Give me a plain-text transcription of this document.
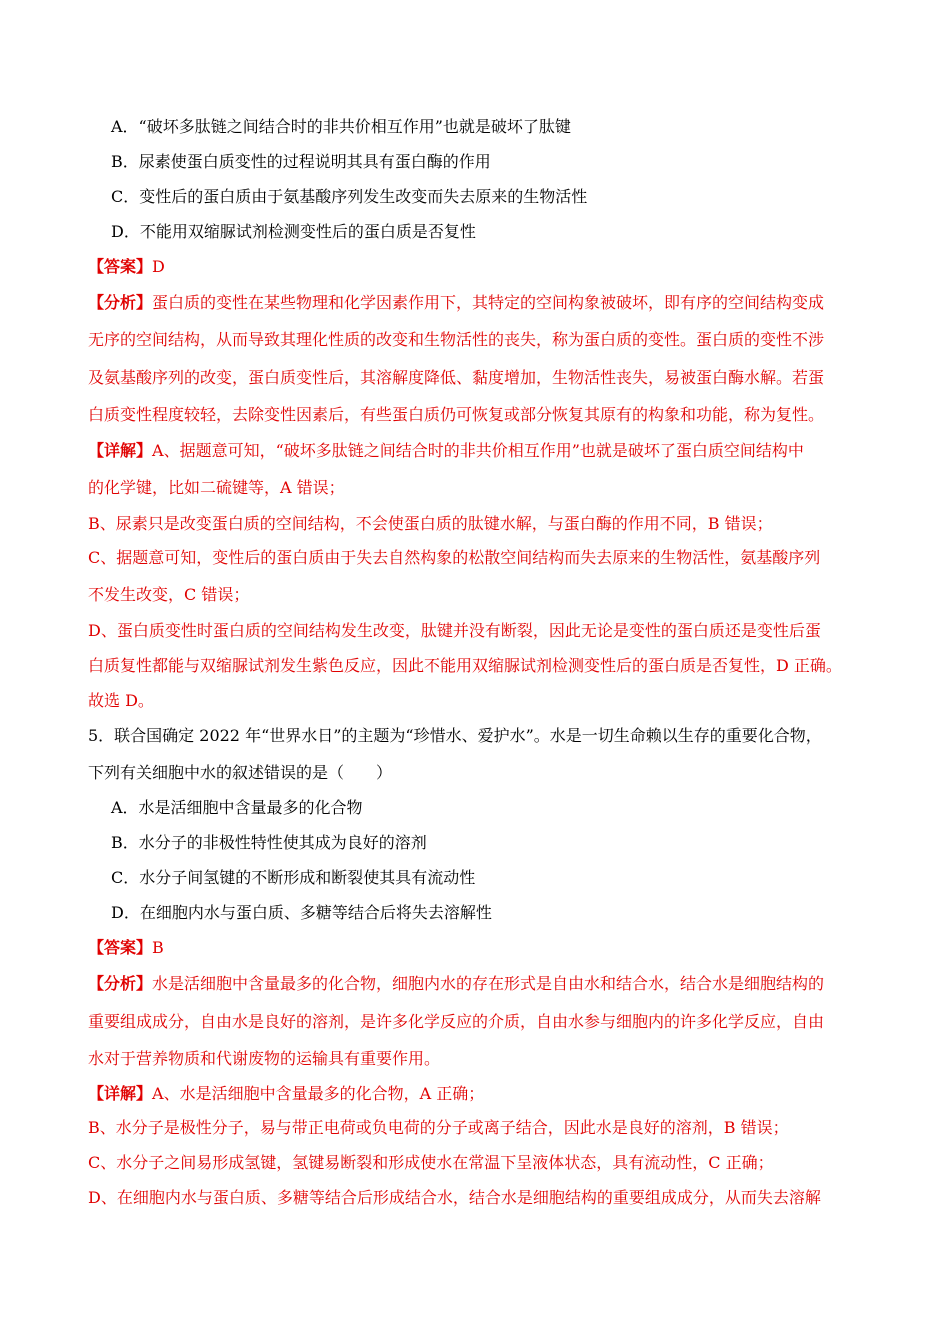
A．“破坏多肽链之间结合时的非共价相互作用”也就是破坏了肽键
B．尿素使蛋白质变性的过程说明其具有蛋白酶的作用
C．变性后的蛋白质由于氨基酸序列发生改变而失去原来的生物活性
D．不能用双缩脲试剂检测变性后的蛋白质是否复性
【答案】D
【分析】蛋白质的变性在某些物理和化学因素作用下，其特定的空间构象被破坏，即有序的空间结构变成
无序的空间结构，从而导致其理化性质的改变和生物活性的丧失，称为蛋白质的变性。蛋白质的变性不涉
及氨基酸序列的改变，蛋白质变性后，其溶解度降低、黏度增加，生物活性丧失，易被蛋白酶水解。若蛋
白质变性程度较轻，去除变性因素后，有些蛋白质仍可恢复或部分恢复其原有的构象和功能，称为复性。
【详解】A、据题意可知，“破坏多肽链之间结合时的非共价相互作用”也就是破坏了蛋白质空间结构中
的化学键，比如二硫键等，A 错误；
B、尿素只是改变蛋白质的空间结构，不会使蛋白质的肽键水解，与蛋白酶的作用不同，B 错误；
C、据题意可知，变性后的蛋白质由于失去自然构象的松散空间结构而失去原来的生物活性，氨基酸序列
不发生改变，C 错误；
D、蛋白质变性时蛋白质的空间结构发生改变，肽键并没有断裂，因此无论是变性的蛋白质还是变性后蛋
白质复性都能与双缩脲试剂发生紫色反应，因此不能用双缩脲试剂检测变性后的蛋白质是否复性，D 正确。
故选 D。
5．联合国确定 2022 年“世界水日”的主题为“珍惜水、爱护水”。水是一切生命赖以生存的重要化合物，
下列有关细胞中水的叙述错误的是（　　）
A．水是活细胞中含量最多的化合物
B．水分子的非极性特性使其成为良好的溶剂
C．水分子间氢键的不断形成和断裂使其具有流动性
D．在细胞内水与蛋白质、多糖等结合后将失去溶解性
【答案】B
【分析】水是活细胞中含量最多的化合物，细胞内水的存在形式是自由水和结合水，结合水是细胞结构的
重要组成成分，自由水是良好的溶剂，是许多化学反应的介质，自由水参与细胞内的许多化学反应，自由
水对于营养物质和代谢废物的运输具有重要作用。
【详解】A、水是活细胞中含量最多的化合物，A 正确；
B、水分子是极性分子，易与带正电荷或负电荷的分子或离子结合，因此水是良好的溶剂，B 错误；
C、水分子之间易形成氢键，氢键易断裂和形成使水在常温下呈液体状态，具有流动性，C 正确；
D、在细胞内水与蛋白质、多糖等结合后形成结合水，结合水是细胞结构的重要组成成分，从而失去溶解
